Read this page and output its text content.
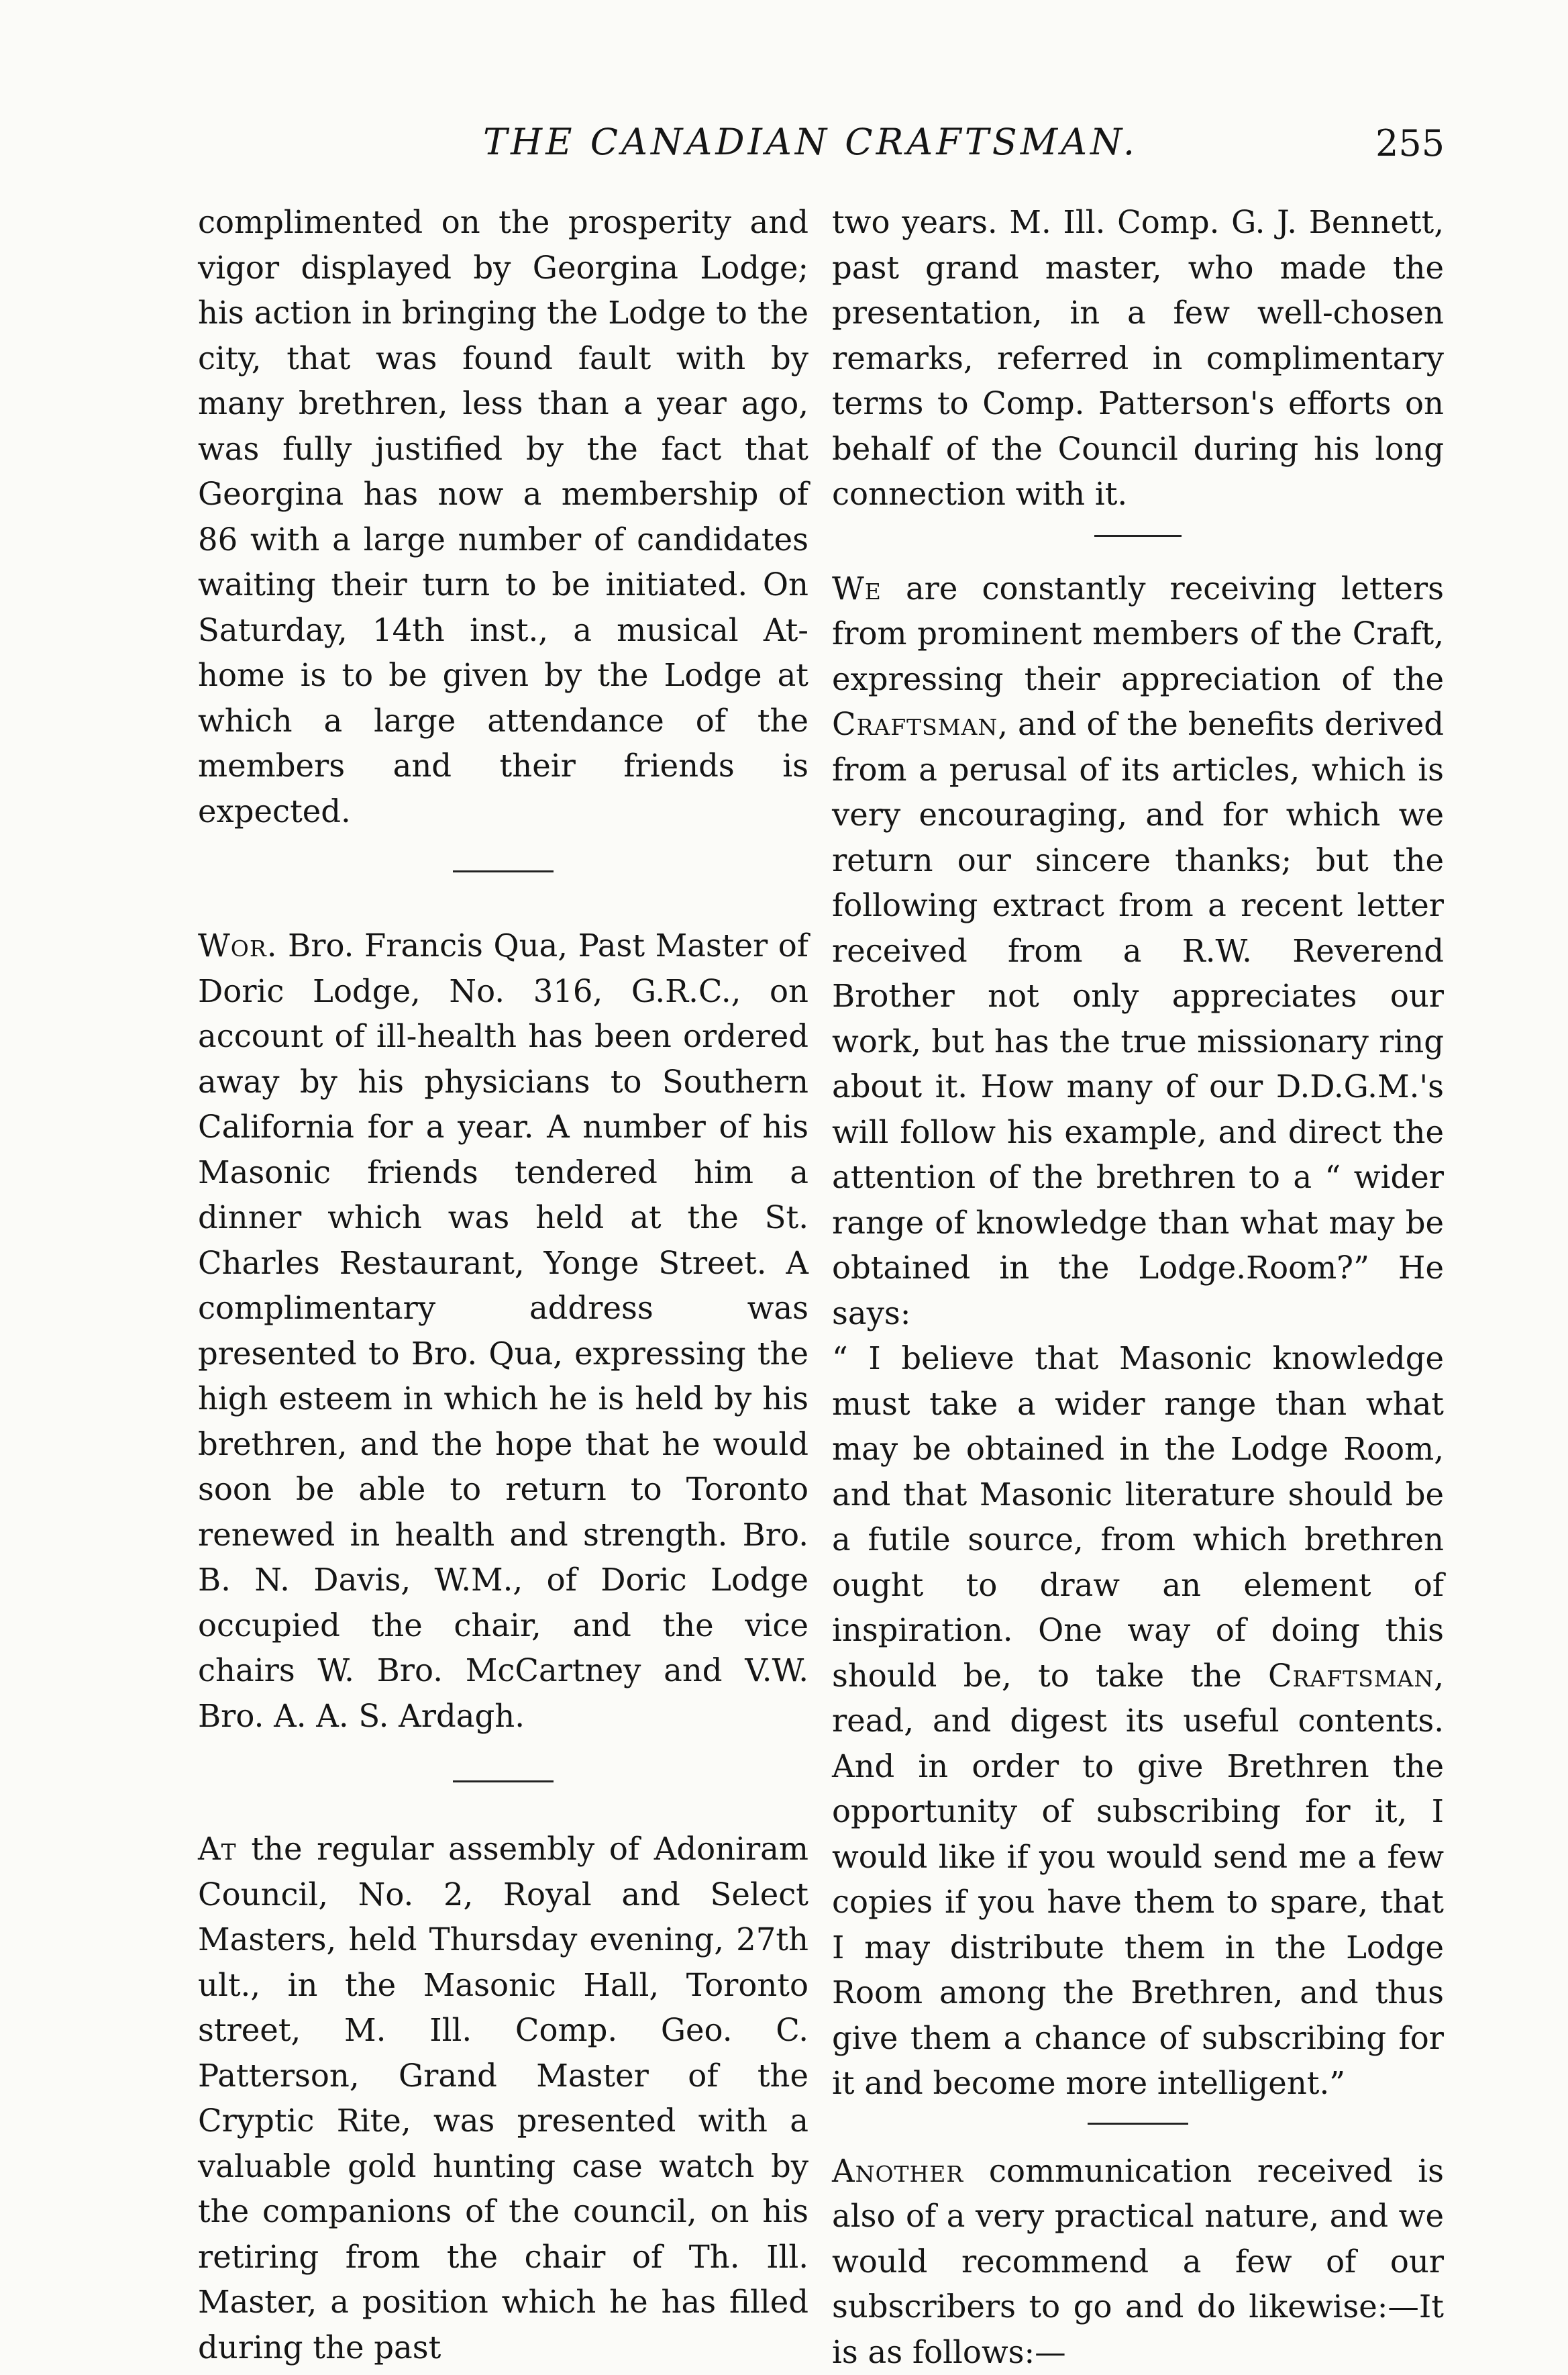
THE CANADIAN CRAFTSMAN.	255

complimented on the prosperity and vigor displayed by Georgina Lodge; his action in bringing the Lodge to the city, that was found fault with by many brethren, less than a year ago, was fully justified by the fact that Georgina has now a membership of 86 with a large number of candidates waiting their turn to be initiated. On Saturday, 14th inst., a musical At-home is to be given by the Lodge at which a large attendance of the members and their friends is expected.

Wor. Bro. Francis Qua, Past Master of Doric Lodge, No. 316, G.R.C., on account of ill-health has been ordered away by his physicians to Southern California for a year. A number of his Masonic friends tendered him a dinner which was held at the St. Charles Restaurant, Yonge Street. A complimentary address was presented to Bro. Qua, expressing the high esteem in which he is held by his brethren, and the hope that he would soon be able to return to Toronto renewed in health and strength. Bro. B. N. Davis, W.M., of Doric Lodge occupied the chair, and the vice chairs W. Bro. McCartney and V.W. Bro. A. A. S. Ardagh.

At the regular assembly of Adoniram Council, No. 2, Royal and Select Masters, held Thursday evening, 27th ult., in the Masonic Hall, Toronto street, M. Ill. Comp. Geo. C. Patterson, Grand Master of the Cryptic Rite, was presented with a valuable gold hunting case watch by the companions of the council, on his retiring from the chair of Th. Ill. Master, a position which he has filled during the past

two years. M. Ill. Comp. G. J. Bennett, past grand master, who made the presentation, in a few well-chosen remarks, referred in complimentary terms to Comp. Patterson's efforts on behalf of the Council during his long connection with it.

We are constantly receiving letters from prominent members of the Craft, expressing their appreciation of the Craftsman, and of the benefits derived from a perusal of its articles, which is very encouraging, and for which we return our sincere thanks; but the following extract from a recent letter received from a R.W. Reverend Brother not only appreciates our work, but has the true missionary ring about it. How many of our D.D.G.M.'s will follow his example, and direct the attention of the brethren to a “ wider range of knowledge than what may be obtained in the Lodge.Room?” He says:

“ I believe that Masonic knowledge must take a wider range than what may be obtained in the Lodge Room, and that Masonic literature should be a futile source, from which brethren ought to draw an element of inspiration. One way of doing this should be, to take the Craftsman, read, and digest its useful contents. And in order to give Brethren the opportunity of subscribing for it, I would like if you would send me a few copies if you have them to spare, that I may distribute them in the Lodge Room among the Brethren, and thus give them a chance of subscribing for it and become more intelligent.”

Another communication received is also of a very practical nature, and we would recommend a few of our subscribers to go and do likewise:—It is as follows:—
